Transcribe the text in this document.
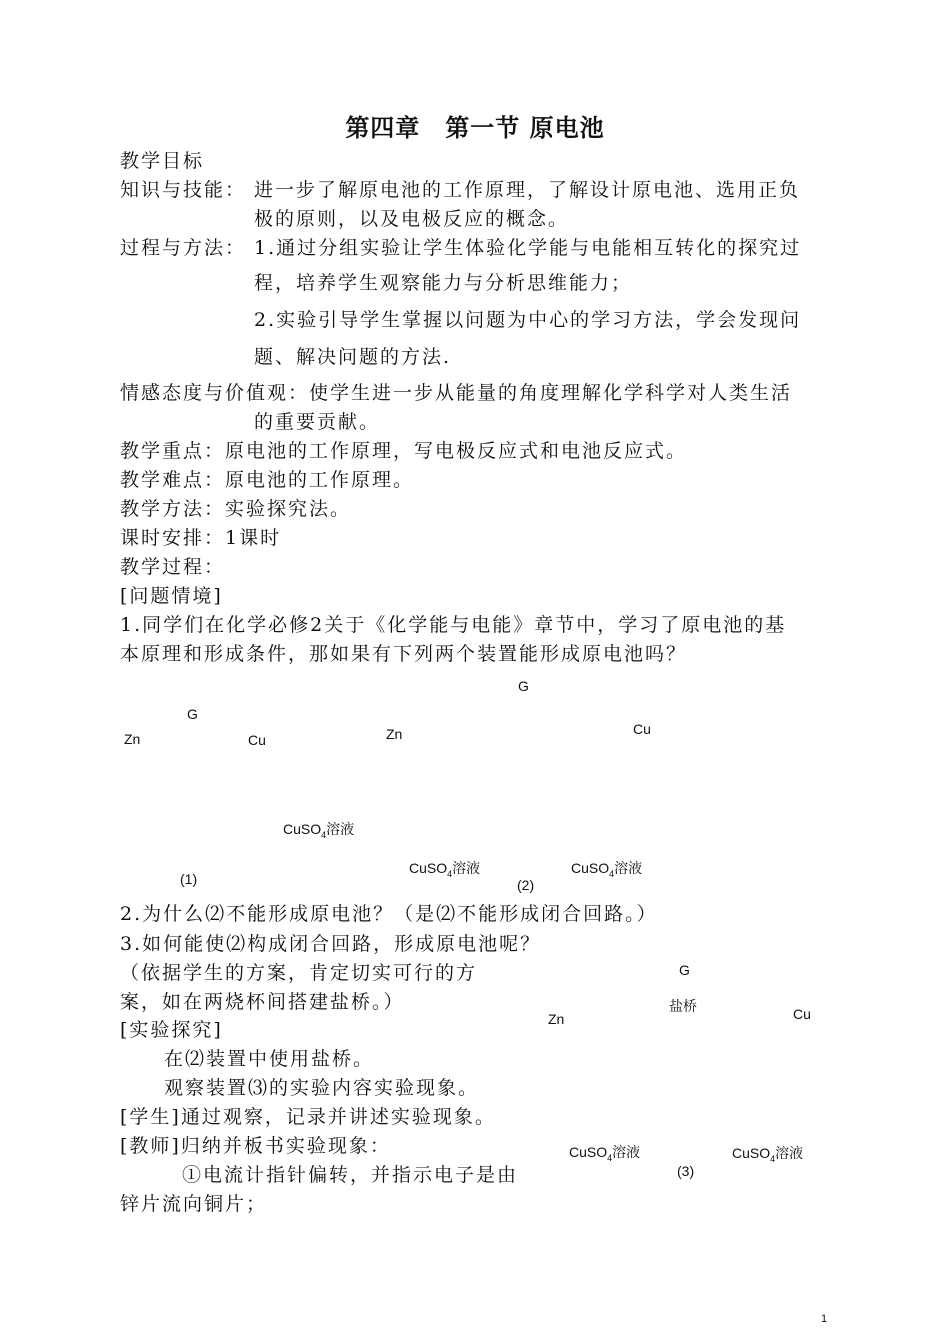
第四章　第一节 原电池
教学目标
知识与技能： 进一步了解原电池的工作原理，了解设计原电池、选用正负
极的原则，以及电极反应的概念。
过程与方法： 1.通过分组实验让学生体验化学能与电能相互转化的探究过
程，培养学生观察能力与分析思维能力；
2.实验引导学生掌握以问题为中心的学习方法，学会发现问
题、解决问题的方法.
情感态度与价值观：使学生进一步从能量的角度理解化学科学对人类生活
的重要贡献。
教学重点：原电池的工作原理，写电极反应式和电池反应式。
教学难点：原电池的工作原理。
教学方法：实验探究法。
课时安排：1课时
教学过程：
[问题情境]
1.同学们在化学必修2关于《化学能与电能》章节中，学习了原电池的基
本原理和形成条件，那如果有下列两个装置能形成原电池吗？
G
Zn	Cu
CuSO$_4$溶液
(1)
G
Zn	Cu
CuSO$_4$溶液	CuSO$_4$溶液
(2)
2.为什么⑵不能形成原电池？（是⑵不能形成闭合回路。）
3.如何能使⑵构成闭合回路，形成原电池呢？
（依据学生的方案，肯定切实可行的方
案，如在两烧杯间搭建盐桥。）
G
盐桥
Zn	Cu
CuSO$_4$溶液	CuSO$_4$溶液
(3)
[实验探究]
在⑵装置中使用盐桥。
观察装置⑶的实验内容实验现象。
[学生]通过观察，记录并讲述实验现象。
[教师]归纳并板书实验现象：
①电流计指针偏转，并指示电子是由
锌片流向铜片；
1
